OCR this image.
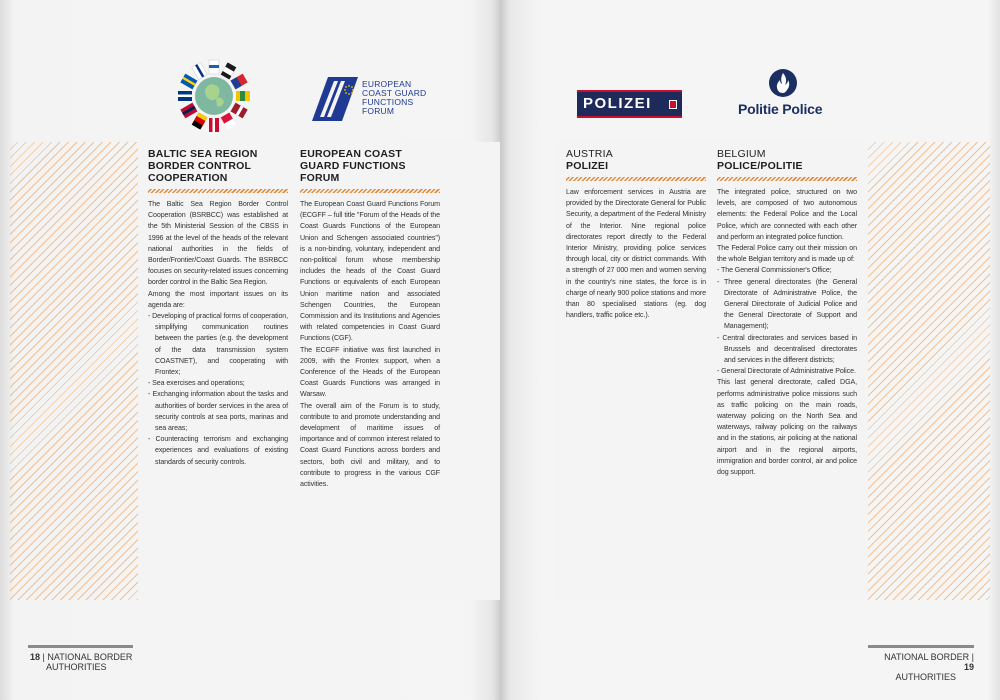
EUROPEAN
COAST GUARD
FUNCTIONS
FORUM
BALTIC SEA REGION BORDER CONTROL COOPERATION

The Baltic Sea Region Border Control Cooperation (BSRBCC) was established at the 5th Ministerial Session of the CBSS in 1996 at the level of the heads of the relevant national authorities in the fields of Border/Frontier/Coast Guards. The BSRBCC focuses on security-related issues concerning border control in the Baltic Sea Region.

Among the most important issues on its agenda are:

- Developing of practical forms of cooperation, simplifying communication routines between the parties (e.g. the development of the data transmission system COASTNET), and cooperating with Frontex;
- Sea exercises and operations;
- Exchanging information about the tasks and authorities of border services in the area of security controls at sea ports, marinas and sea areas;
- Counteracting terrorism and exchanging experiences and evaluations of existing standards of security controls.
EUROPEAN COAST GUARD FUNCTIONS FORUM

The European Coast Guard Functions Forum (ECGFF – full title "Forum of the Heads of the Coast Guards Functions of the European Union and Schengen associated countries") is a non-binding, voluntary, independent and non-political forum whose membership includes the heads of the Coast Guard Functions or equivalents of each European Union maritime nation and associated Schengen Countries, the European Commission and its Institutions and Agencies with related competencies in Coast Guard Functions (CGF).

The ECGFF initiative was first launched in 2009, with the Frontex support, when a Conference of the Heads of the European Coast Guards Functions was arranged in Warsaw.

The overall aim of the Forum is to study, contribute to and promote understanding and development of maritime issues of importance and of common interest related to Coast Guard Functions across borders and sectors, both civil and military, and to contribute to progress in the various CGF activities.

18 | NATIONAL BORDER
AUTHORITIES
POLIZEI	Politie Police
AUSTRIA
POLIZEI

Law enforcement services in Austria are provided by the Directorate General for Public Security, a department of the Federal Ministry of the Interior. Nine regional police directorates report directly to the Federal Interior Ministry, providing police services through local, city or district commands. With a strength of 27 000 men and women serving in the country's nine states, the force is in charge of nearly 900 police stations and more than 80 specialised stations (eg. dog handlers, traffic police etc.).

BELGIUM
POLICE/POLITIE

The integrated police, structured on two levels, are composed of two autonomous elements: the Federal Police and the Local Police, which are connected with each other and perform an integrated police function.

The Federal Police carry out their mission on the whole Belgian territory and is made up of:

- The General Commissioner's Office;
- Three general directorates (the General Directorate of Administrative Police, the General Directorate of Judicial Police and the General Directorate of Support and Management);
- Central directorates and services based in Brussels and decentralised directorates and services in the different districts;
- General Directorate of Administrative Police.

This last general directorate, called DGA, performs administrative police missions such as traffic policing on the main roads, waterway policing on the North Sea and waterways, railway policing on the railways and in the stations, air policing at the national airport and in the regional airports, immigration and border control, air and police dog support.

NATIONAL BORDER | 19
AUTHORITIES
